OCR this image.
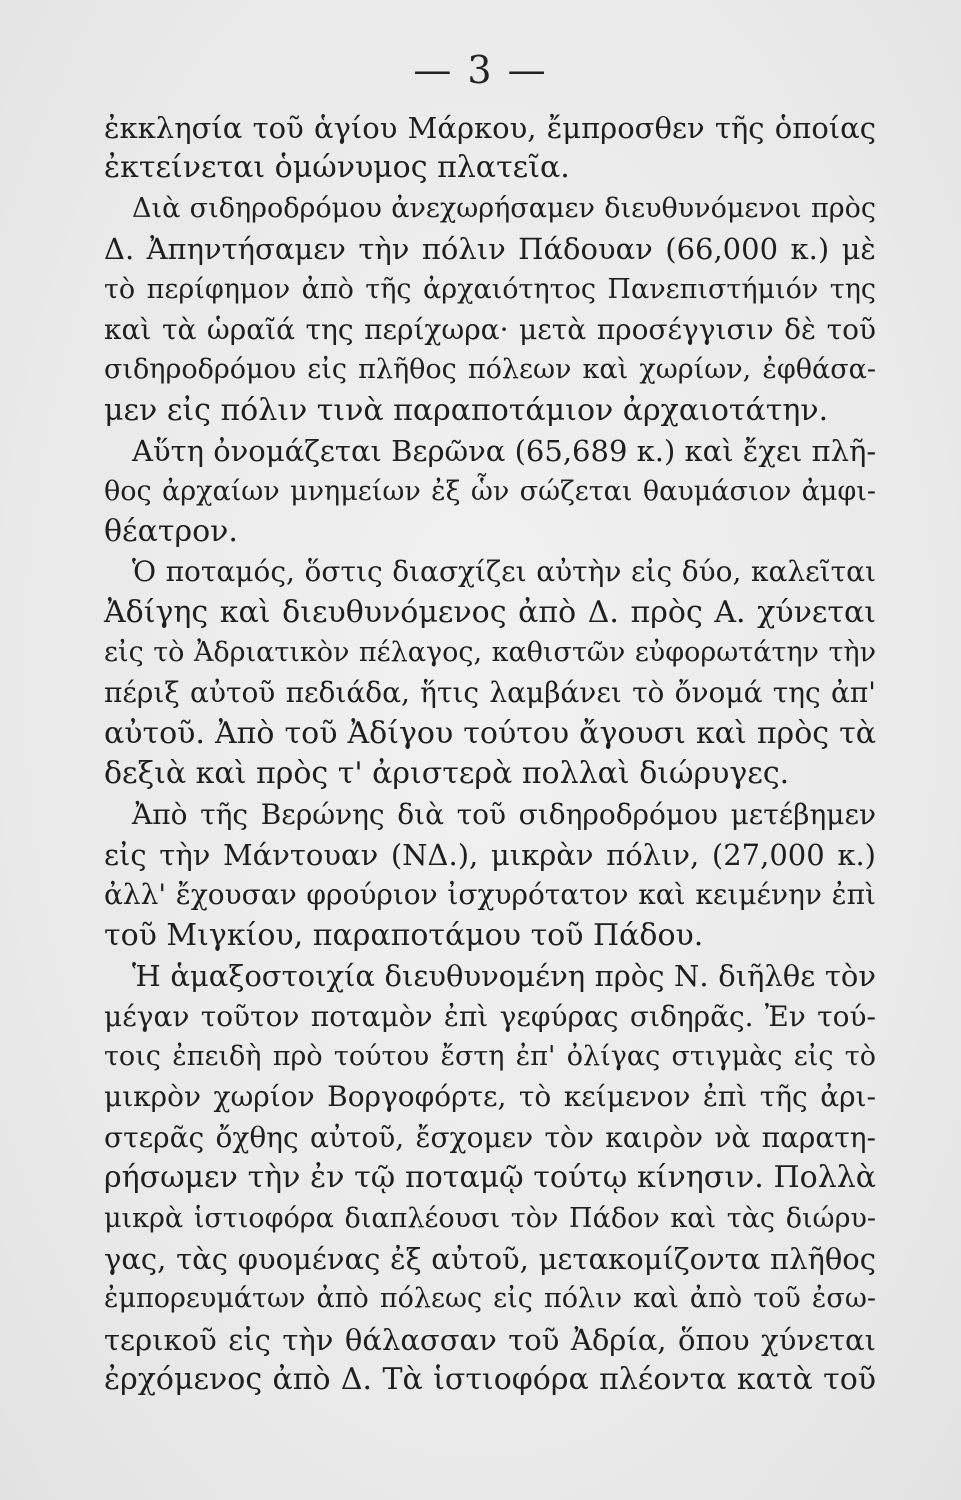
— 3 —
ἐκκλησία τοῦ ἁγίου Μάρκου, ἔμπροσθεν τῆς ὁποίας
ἐκτείνεται ὁμώνυμος πλατεῖα.
Διὰ σιδηροδρόμου ἀνεχωρήσαμεν διευθυνόμενοι πρὸς
Δ. Ἀπηντήσαμεν τὴν πόλιν Πάδουαν (66,000 κ.) μὲ
τὸ περίφημον ἀπὸ τῆς ἀρχαιότητος Πανεπιστήμιόν της
καὶ τὰ ὡραῖά της περίχωρα· μετὰ προσέγγισιν δὲ τοῦ
σιδηροδρόμου εἰς πλῆθος πόλεων καὶ χωρίων, ἐφθάσα-
μεν εἰς πόλιν τινὰ παραποτάμιον ἀρχαιοτάτην.
Αὕτη ὀνομάζεται Βερῶνα (65,689 κ.) καὶ ἔχει πλῆ-
θος ἀρχαίων μνημείων ἐξ ὧν σώζεται θαυμάσιον ἀμφι-
θέατρον.
Ὁ ποταμός, ὅστις διασχίζει αὐτὴν εἰς δύο, καλεῖται
Ἀδίγης καὶ διευθυνόμενος ἀπὸ Δ. πρὸς Α. χύνεται
εἰς τὸ Ἀδριατικὸν πέλαγος, καθιστῶν εὐφορωτάτην τὴν
πέριξ αὐτοῦ πεδιάδα, ἥτις λαμβάνει τὸ ὄνομά της ἀπ'
αὐτοῦ. Ἀπὸ τοῦ Ἀδίγου τούτου ἄγουσι καὶ πρὸς τὰ
δεξιὰ καὶ πρὸς τ' ἀριστερὰ πολλαὶ διώρυγες.
Ἀπὸ τῆς Βερώνης διὰ τοῦ σιδηροδρόμου μετέβημεν
εἰς τὴν Μάντουαν (ΝΔ.), μικρὰν πόλιν, (27,000 κ.)
ἀλλ' ἔχουσαν φρούριον ἰσχυρότατον καὶ κειμένην ἐπὶ
τοῦ Μιγκίου, παραποτάμου τοῦ Πάδου.
Ἡ ἁμαξοστοιχία διευθυνομένη πρὸς Ν. διῆλθε τὸν
μέγαν τοῦτον ποταμὸν ἐπὶ γεφύρας σιδηρᾶς. Ἐν τού-
τοις ἐπειδὴ πρὸ τούτου ἔστη ἐπ' ὀλίγας στιγμὰς εἰς τὸ
μικρὸν χωρίον Βοργοφόρτε, τὸ κείμενον ἐπὶ τῆς ἀρι-
στερᾶς ὄχθης αὐτοῦ, ἔσχομεν τὸν καιρὸν νὰ παρατη-
ρήσωμεν τὴν ἐν τῷ ποταμῷ τούτῳ κίνησιν. Πολλὰ
μικρὰ ἱστιοφόρα διαπλέουσι τὸν Πάδον καὶ τὰς διώρυ-
γας, τὰς φυομένας ἐξ αὐτοῦ, μετακομίζοντα πλῆθος
ἐμπορευμάτων ἀπὸ πόλεως εἰς πόλιν καὶ ἀπὸ τοῦ ἐσω-
τερικοῦ εἰς τὴν θάλασσαν τοῦ Ἀδρία, ὅπου χύνεται
ἐρχόμενος ἀπὸ Δ. Τὰ ἱστιοφόρα πλέοντα κατὰ τοῦ
